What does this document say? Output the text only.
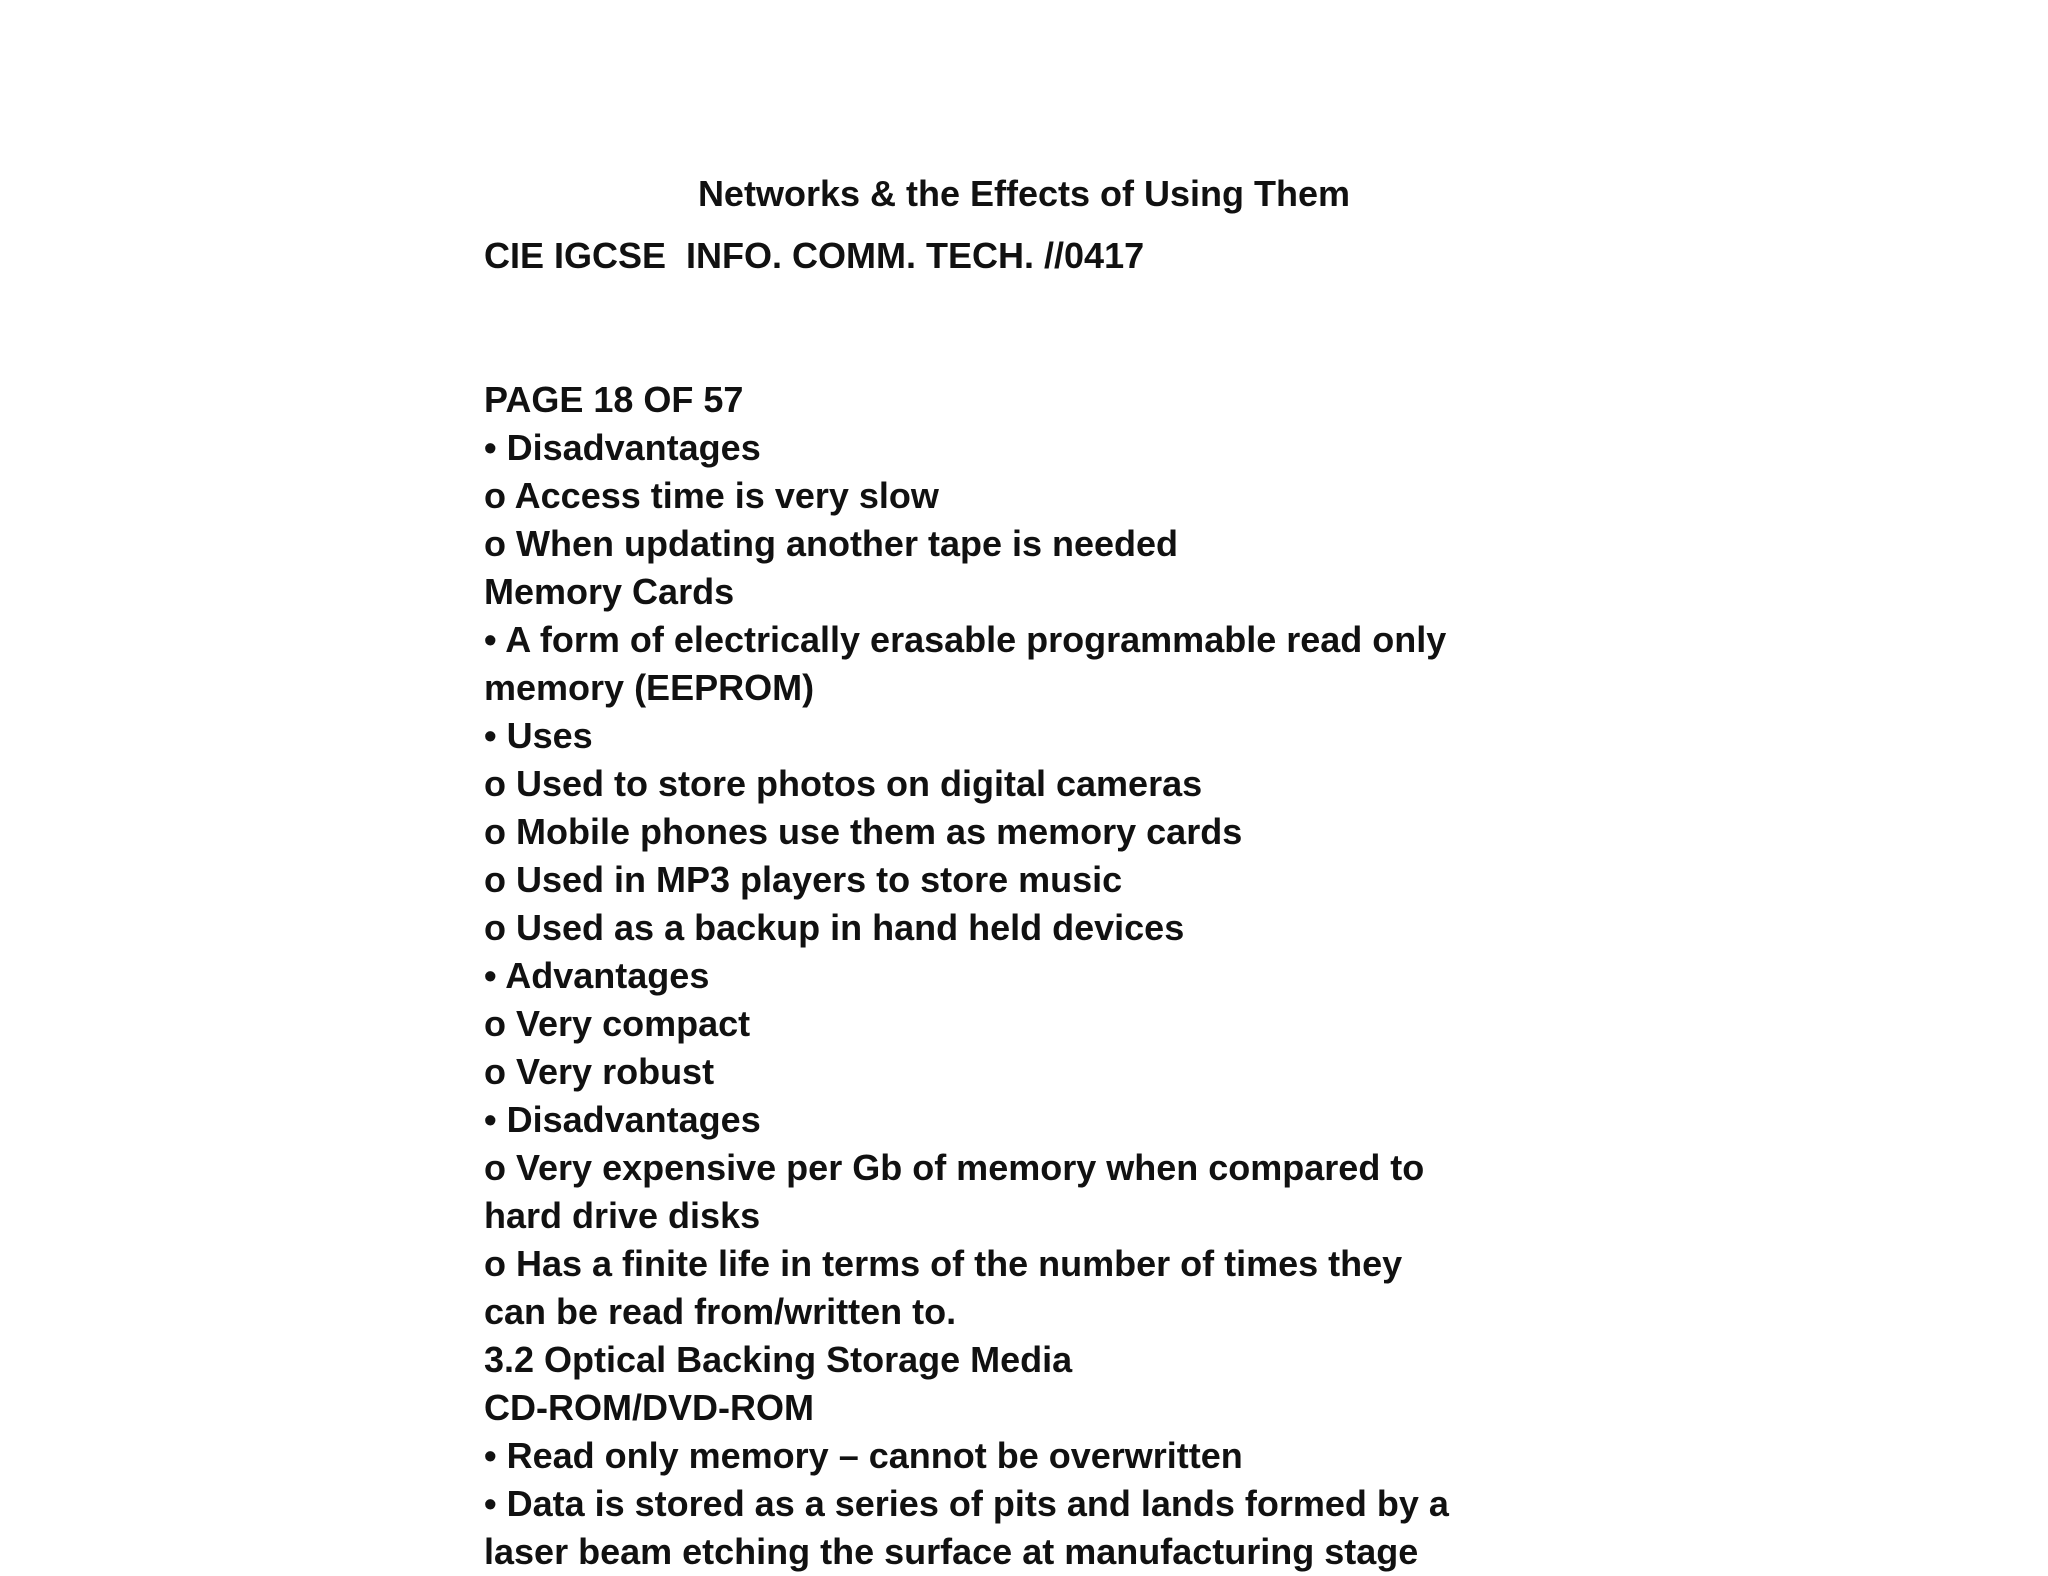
Networks & the Effects of Using Them
CIE IGCSE  INFO. COMM. TECH. //0417
PAGE 18 OF 57
• Disadvantages
o Access time is very slow
o When updating another tape is needed
Memory Cards
• A form of electrically erasable programmable read only
memory (EEPROM)
• Uses
o Used to store photos on digital cameras
o Mobile phones use them as memory cards
o Used in MP3 players to store music
o Used as a backup in hand held devices
• Advantages
o Very compact
o Very robust
• Disadvantages
o Very expensive per Gb of memory when compared to
hard drive disks
o Has a finite life in terms of the number of times they
can be read from/written to.
3.2 Optical Backing Storage Media
CD-ROM/DVD-ROM
• Read only memory – cannot be overwritten
• Data is stored as a series of pits and lands formed by a
laser beam etching the surface at manufacturing stage
